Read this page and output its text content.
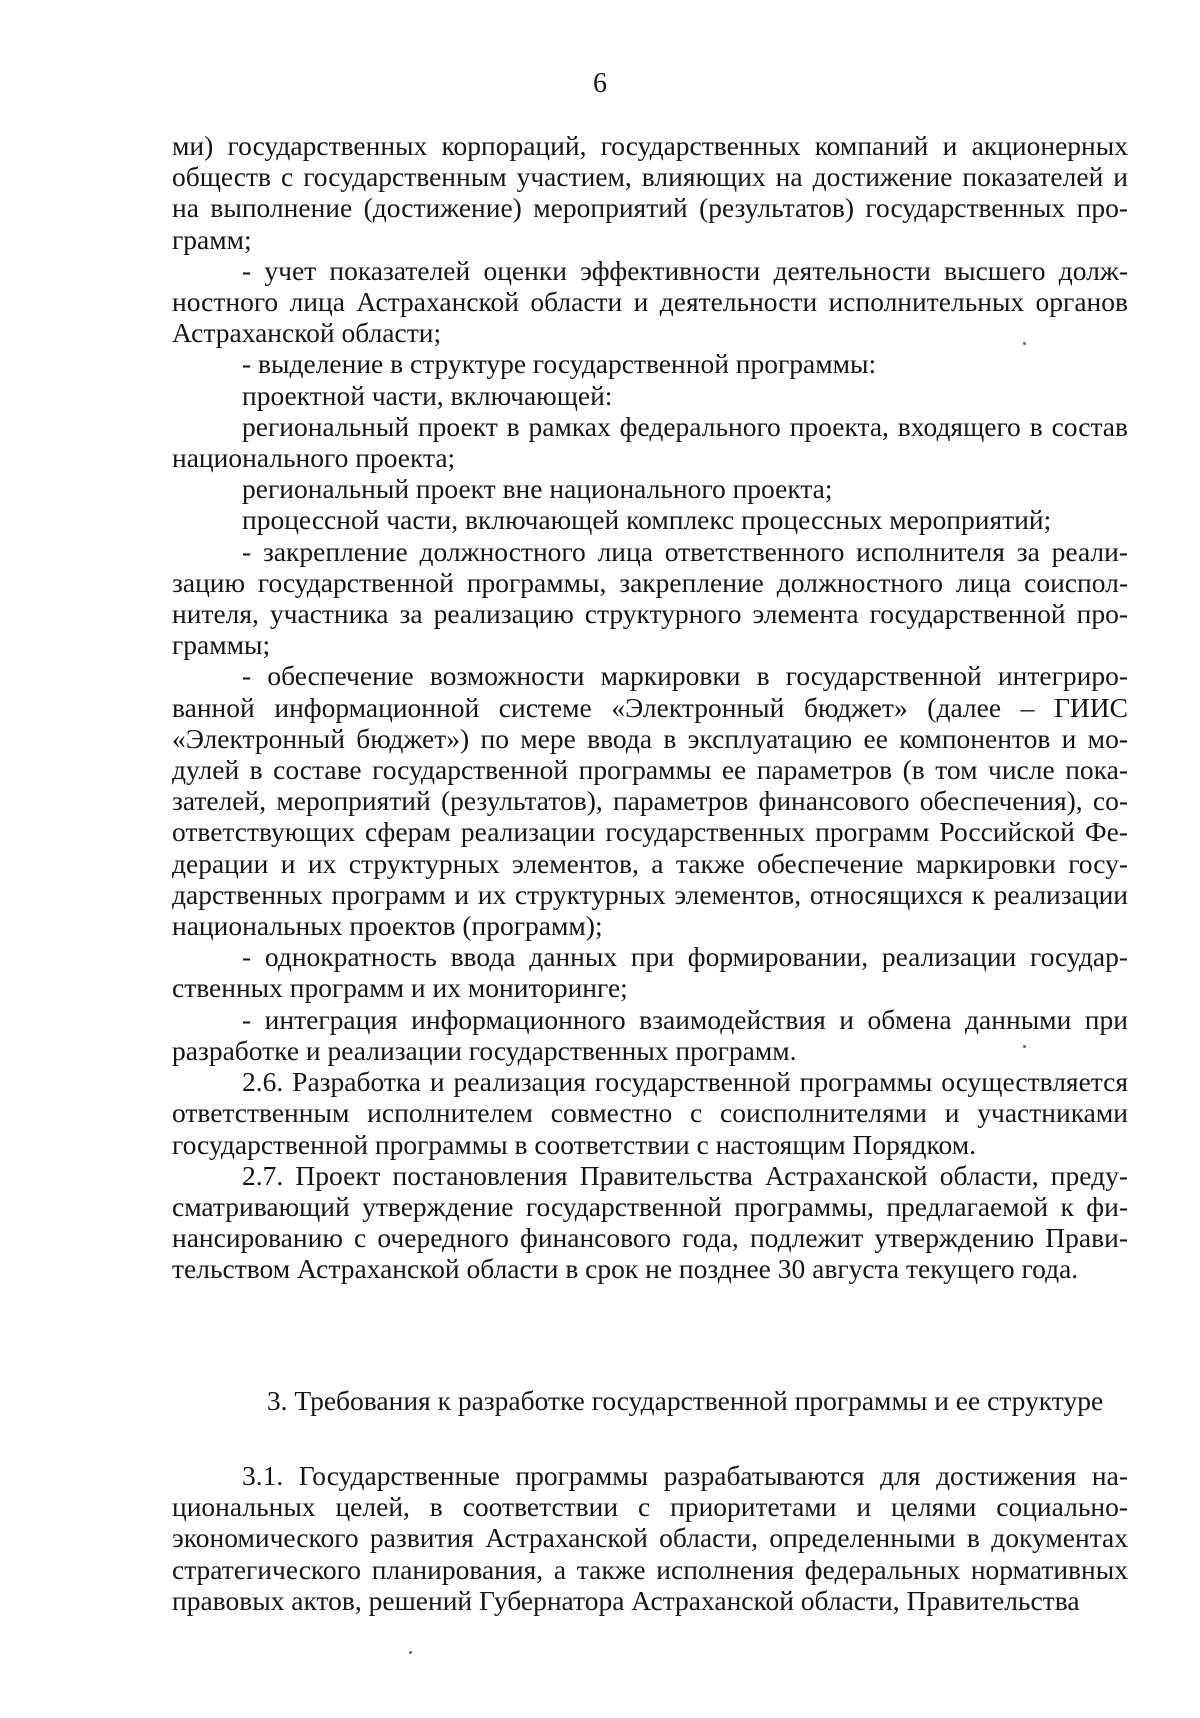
6

ми) государственных корпораций, государственных компаний и акционерных обществ с государственным участием, влияющих на достижение показателей и на выполнение (достижение) мероприятий (результатов) государственных программ;

- учет показателей оценки эффективности деятельности высшего должностного лица Астраханской области и деятельности исполнительных органов Астраханской области;

- выделение в структуре государственной программы:

проектной части, включающей:

региональный проект в рамках федерального проекта, входящего в состав национального проекта;

региональный проект вне национального проекта;

процессной части, включающей комплекс процессных мероприятий;

- закрепление должностного лица ответственного исполнителя за реализацию государственной программы, закрепление должностного лица соисполнителя, участника за реализацию структурного элемента государственной программы;

- обеспечение возможности маркировки в государственной интегрированной информационной системе «Электронный бюджет» (далее – ГИИС «Электронный бюджет») по мере ввода в эксплуатацию ее компонентов и модулей в составе государственной программы ее параметров (в том числе показателей, мероприятий (результатов), параметров финансового обеспечения), соответствующих сферам реализации государственных программ Российской Федерации и их структурных элементов, а также обеспечение маркировки государственных программ и их структурных элементов, относящихся к реализации национальных проектов (программ);

- однократность ввода данных при формировании, реализации государственных программ и их мониторинге;

- интеграция информационного взаимодействия и обмена данными при разработке и реализации государственных программ.

2.6. Разработка и реализация государственной программы осуществляется ответственным исполнителем совместно с соисполнителями и участниками государственной программы в соответствии с настоящим Порядком.

2.7. Проект постановления Правительства Астраханской области, предусматривающий утверждение государственной программы, предлагаемой к финансированию с очередного финансового года, подлежит утверждению Правительством Астраханской области в срок не позднее 30 августа текущего года.

3. Требования к разработке государственной программы и ее структуре

3.1. Государственные программы разрабатываются для достижения национальных целей, в соответствии с приоритетами и целями социально-экономического развития Астраханской области, определенными в документах стратегического планирования, а также исполнения федеральных нормативных правовых актов, решений Губернатора Астраханской области, Правительства
